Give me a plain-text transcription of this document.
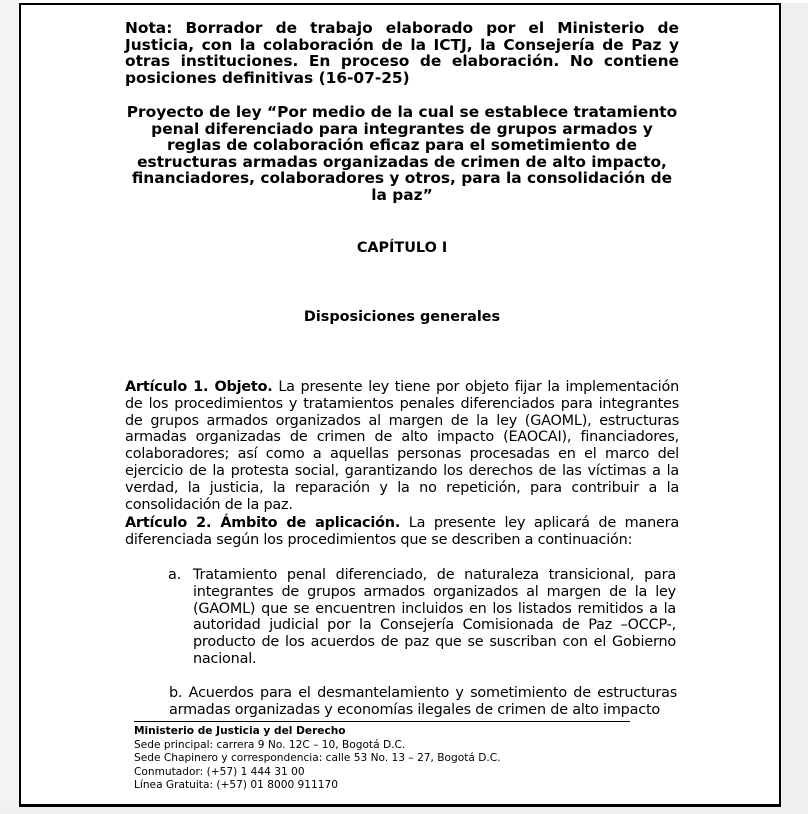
Nota: Borrador de trabajo elaborado por el Ministerio de Justicia, con la colaboración de la ICTJ, la Consejería de Paz y otras instituciones. En proceso de elaboración. No contiene posiciones definitivas (16-07-25)
Proyecto de ley “Por medio de la cual se establece tratamiento penal diferenciado para integrantes de grupos armados y reglas de colaboración eficaz para el sometimiento de estructuras armadas organizadas de crimen de alto impacto, financiadores, colaboradores y otros, para la consolidación de la paz”
CAPÍTULO I
Disposiciones generales
Artículo 1. Objeto. La presente ley tiene por objeto fijar la implementación de los procedimientos y tratamientos penales diferenciados para integrantes de grupos armados organizados al margen de la ley (GAOML), estructuras armadas organizadas de crimen de alto impacto (EAOCAI), financiadores, colaboradores; así como a aquellas personas procesadas en el marco del ejercicio de la protesta social, garantizando los derechos de las víctimas a la verdad, la justicia, la reparación y la no repetición, para contribuir a la consolidación de la paz.
Artículo 2. Ámbito de aplicación. La presente ley aplicará de manera diferenciada según los procedimientos que se describen a continuación:
a. Tratamiento penal diferenciado, de naturaleza transicional, para integrantes de grupos armados organizados al margen de la ley (GAOML) que se encuentren incluidos en los listados remitidos a la autoridad judicial por la Consejería Comisionada de Paz –OCCP-, producto de los acuerdos de paz que se suscriban con el Gobierno nacional.
b. Acuerdos para el desmantelamiento y sometimiento de estructuras armadas organizadas y economías ilegales de crimen de alto impacto
Ministerio de Justicia y del Derecho
Sede principal: carrera 9 No. 12C – 10, Bogotá D.C.
Sede Chapinero y correspondencia: calle 53 No. 13 – 27, Bogotá D.C.
Conmutador: (+57) 1 444 31 00
Línea Gratuita: (+57) 01 8000 911170
